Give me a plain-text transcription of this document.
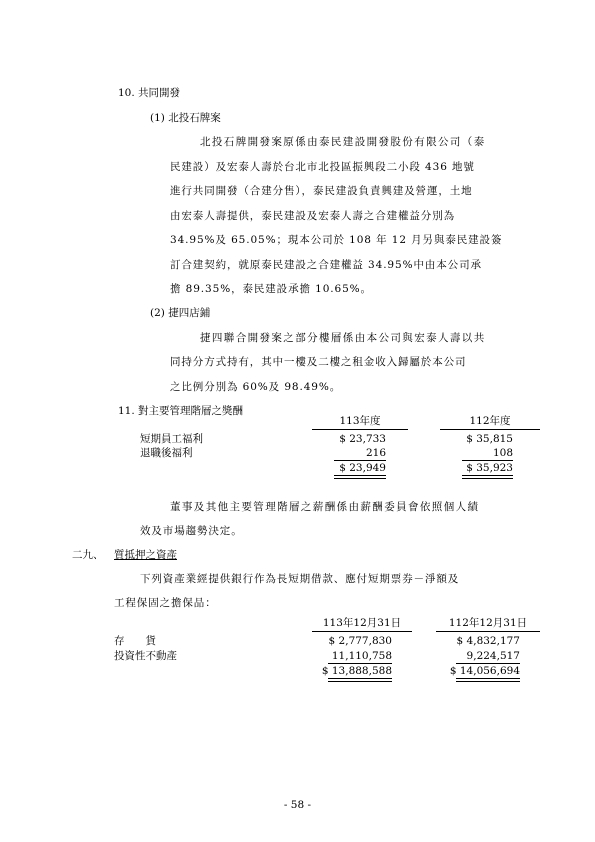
10. 共同開發
(1) 北投石牌案
北投石牌開發案原係由泰民建設開發股份有限公司（泰
民建設）及宏泰人壽於台北市北投區振興段二小段 436 地號
進行共同開發（合建分售），泰民建設負責興建及營運，土地
由宏泰人壽提供，泰民建設及宏泰人壽之合建權益分別為
34.95%及 65.05%；現本公司於 108 年 12 月另與泰民建設簽
訂合建契約，就原泰民建設之合建權益 34.95%中由本公司承
擔 89.35%，泰民建設承擔 10.65%。
(2) 捷四店鋪
捷四聯合開發案之部分樓層係由本公司與宏泰人壽以共
同持分方式持有，其中一樓及二樓之租金收入歸屬於本公司
之比例分別為 60%及 98.49%。
11. 對主要管理階層之獎酬
113年度	112年度
短期員工福利	$ 23,733	$ 35,815
退職後福利	216	108
$ 23,949	$ 35,923
董事及其他主要管理階層之薪酬係由薪酬委員會依照個人績
效及市場趨勢決定。
二九、 質抵押之資產
下列資產業經提供銀行作為長短期借款、應付短期票券－淨額及
工程保固之擔保品：
113年12月31日	112年12月31日
存　　貨	$ 2,777,830	$ 4,832,177
投資性不動產	11,110,758	9,224,517
$ 13,888,588	$ 14,056,694
- 58 -
